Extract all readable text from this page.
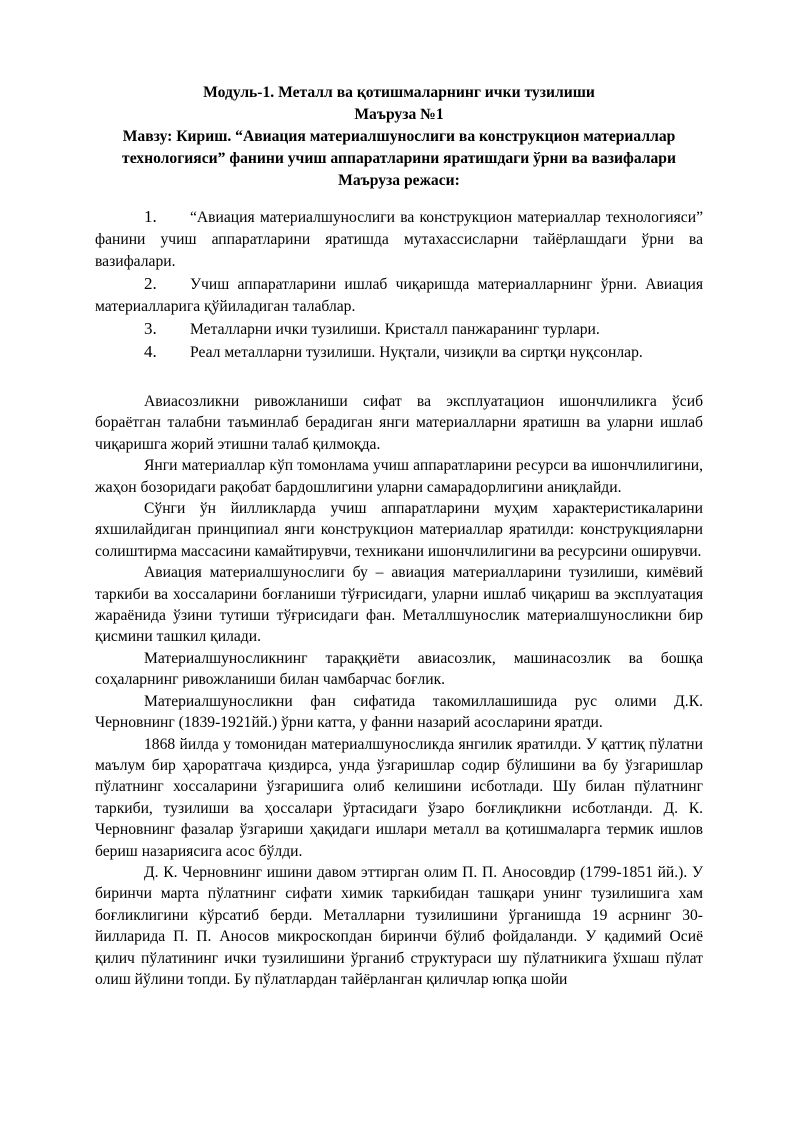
Модуль-1. Металл ва қотишмаларнинг ички тузилиши
Маъруза №1
Мавзу: Кириш. “Авиация материалшунослиги ва конструкцион материаллар
технологияси” фанини учиш аппаратларини яратишдаги ўрни ва вазифалари
Маъруза режаси:
1. “Авиация материалшунослиги ва конструкцион материаллар технологияси” фанини учиш аппаратларини яратишда мутахассисларни тайёрлашдаги ўрни ва вазифалари.
2. Учиш аппаратларини ишлаб чиқаришда материалларнинг ўрни. Авиация материалларига қўйиладиган талаблар.
3. Металларни ички тузилиши. Кристалл панжаранинг турлари.
4. Реал металларни тузилиши. Нуқтали, чизиқли ва сиртқи нуқсонлар.

Авиасозликни ривожланиши сифат ва эксплуатацион ишончлиликга ўсиб бораётган талабни таъминлаб берадиган янги материалларни яратишн ва уларни ишлаб чиқаришга жорий этишни талаб қилмоқда.

Янги материаллар кўп томонлама учиш аппаратларини ресурси ва ишончлилигини, жаҳон бозоридаги рақобат бардошлигини уларни самарадорлигини аниқлайди.

Сўнги ўн йилликларда учиш аппаратларини муҳим характеристикаларини яхшилайдиган принципиал янги конструкцион материаллар яратилди: конструкцияларни солиштирма массасини камайтирувчи, техникани ишончлилигини ва ресурсини оширувчи.

Авиация материалшунослиги бу – авиация материалларини тузилиши, кимёвий таркиби ва хоссаларини боғланиши тўғрисидаги, уларни ишлаб чиқариш ва эксплуатация жараёнида ўзини тутиши тўғрисидаги фан. Металлшунослик материалшуносликни бир қисмини ташкил қилади.

Материалшуносликнинг тараққиёти авиасозлик, машинасозлик ва бошқа соҳаларнинг ривожланиши билан чамбарчас боғлик.

Материалшуносликни фан сифатида такомиллашишида рус олими Д.К. Черновнинг (1839-1921йй.) ўрни катта, у фанни назарий асосларини яратди.

1868 йилда у томонидан материалшуносликда янгилик яратилди. У қаттиқ пўлатни маълум бир ҳароратгача қиздирса, унда ўзгаришлар содир бўлишини ва бу ўзгаришлар пўлатнинг хоссаларини ўзгаришига олиб келишини исботлади. Шу билан пўлатнинг таркиби, тузилиши ва ҳоссалари ўртасидаги ўзаро боғлиқликни исботланди. Д. К. Черновнинг фазалар ўзгариши ҳақидаги ишлари металл ва қотишмаларга термик ишлов бериш назариясига асос бўлди.

Д. К. Черновнинг ишини давом эттирган олим П. П. Аносовдир (1799-1851 йй.). У биринчи марта пўлатнинг сифати химик таркибидан ташқари унинг тузилишига хам боғликлигини кўрсатиб берди. Металларни тузилишини ўрганишда 19 асрнинг 30-йилларида П. П. Аносов микроскопдан биринчи бўлиб фойдаланди. У қадимий Осиё қилич пўлатининг ички тузилишини ўрганиб структураси шу пўлатникига ўхшаш пўлат олиш йўлини топди. Бу пўлатлардан тайёрланган қиличлар юпқа шойи
